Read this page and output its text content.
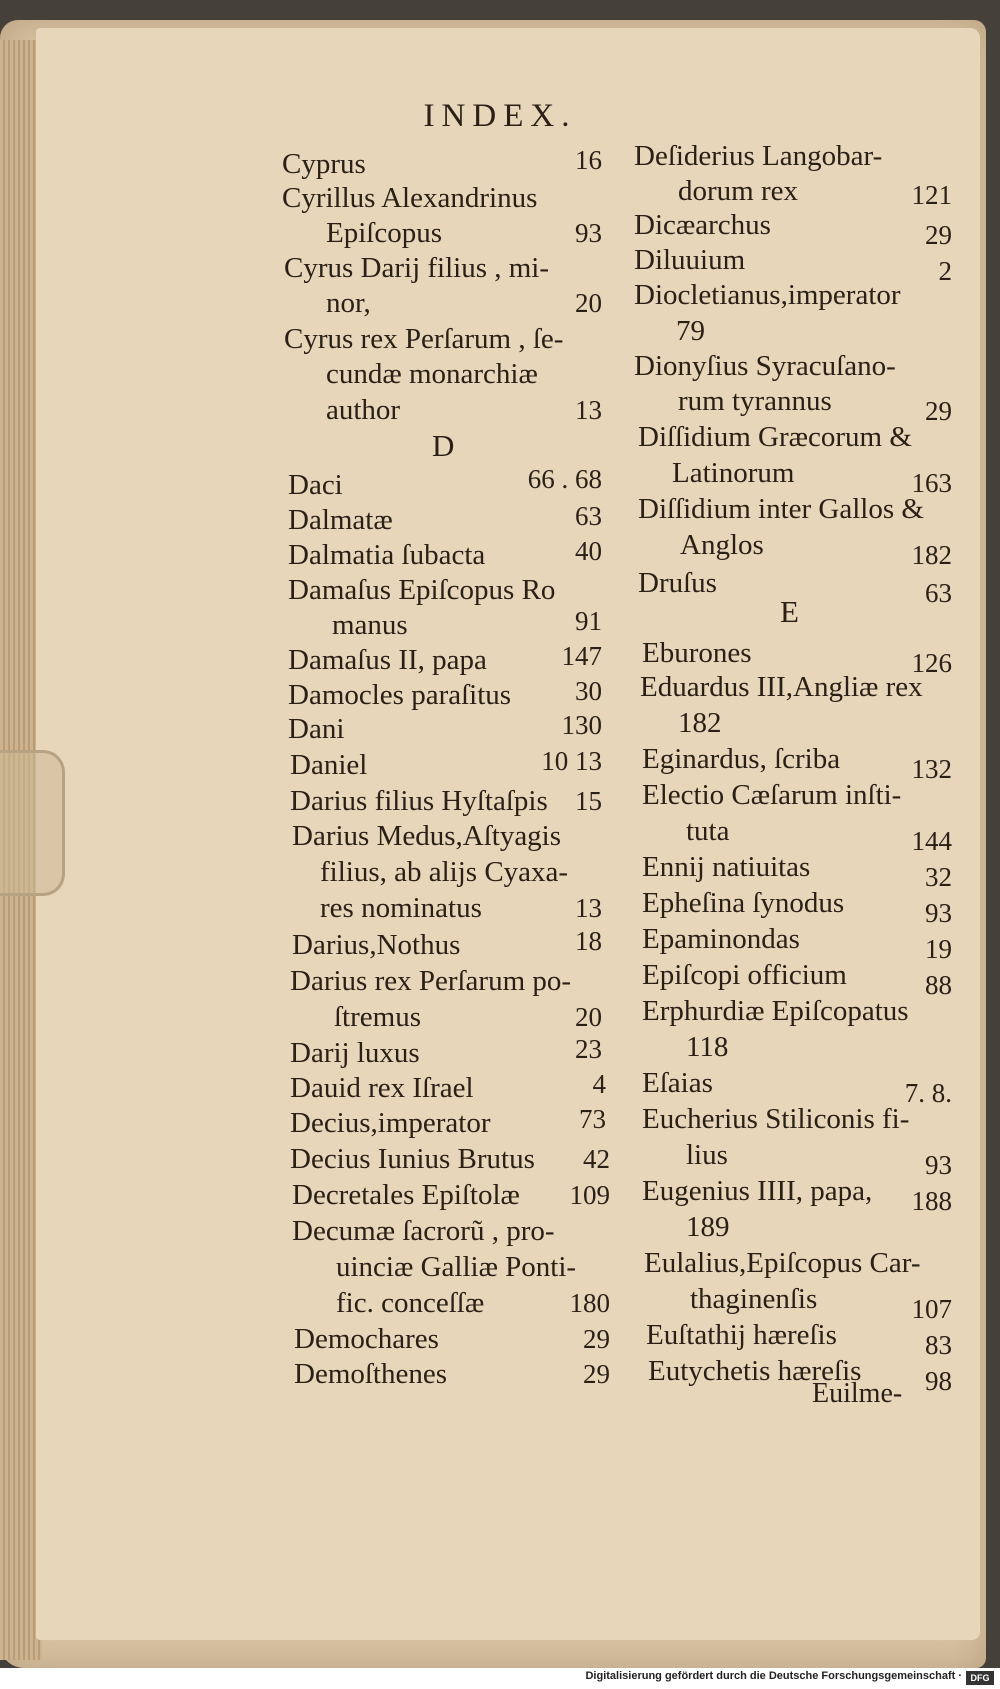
INDEX.
Cyprus	16
Cyrillus Alexandrinus
Epiſcopus	93
Cyrus Darij filius , mi-
nor,	20
Cyrus rex Perſarum , ſe-
cundæ monarchiæ
author	13
D
Daci	66 . 68
Dalmatæ	63
Dalmatia ſubacta	40
Damaſus Epiſcopus Ro
manus	91
Damaſus II, papa	147
Damocles paraſitus	30
Dani	130
Daniel	10 13
Darius filius Hyſtaſpis	15
Darius Medus,Aſtyagis
filius, ab alijs Cyaxa-
res nominatus	13
Darius,Nothus	18
Darius rex Perſarum po-
ſtremus	20
Darij luxus	23
Dauid rex Iſrael	4
Decius,imperator	73
Decius Iunius Brutus	42
Decretales Epiſtolæ	109
Decumæ ſacrorũ , pro-
uinciæ Galliæ Ponti-
fic. conceſſæ	180
Demochares	29
Demoſthenes	29
Deſiderius Langobar-
dorum rex	121
Dicæarchus	29
Diluuium	2
Diocletianus,imperator
79
Dionyſius Syracuſano-
rum tyrannus	29
Diſſidium Græcorum &
Latinorum	163
Diſſidium inter Gallos &
Anglos	182
Druſus	63
E
Eburones	126
Eduardus III,Angliæ rex
182
Eginardus, ſcriba	132
Electio Cæſarum inſti-
tuta	144
Ennij natiuitas	32
Epheſina ſynodus	93
Epaminondas	19
Epiſcopi officium	88
Erphurdiæ Epiſcopatus
118
Eſaias	7. 8.
Eucherius Stiliconis fi-
lius	93
Eugenius IIII, papa,	188
189
Eulalius,Epiſcopus Car-
thaginenſis	107
Euſtathij hæreſis	83
Eutychetis hæreſis	98
Euilme-
Digitalisierung gefördert durch die Deutsche Forschungsgemeinschaft · DFG
